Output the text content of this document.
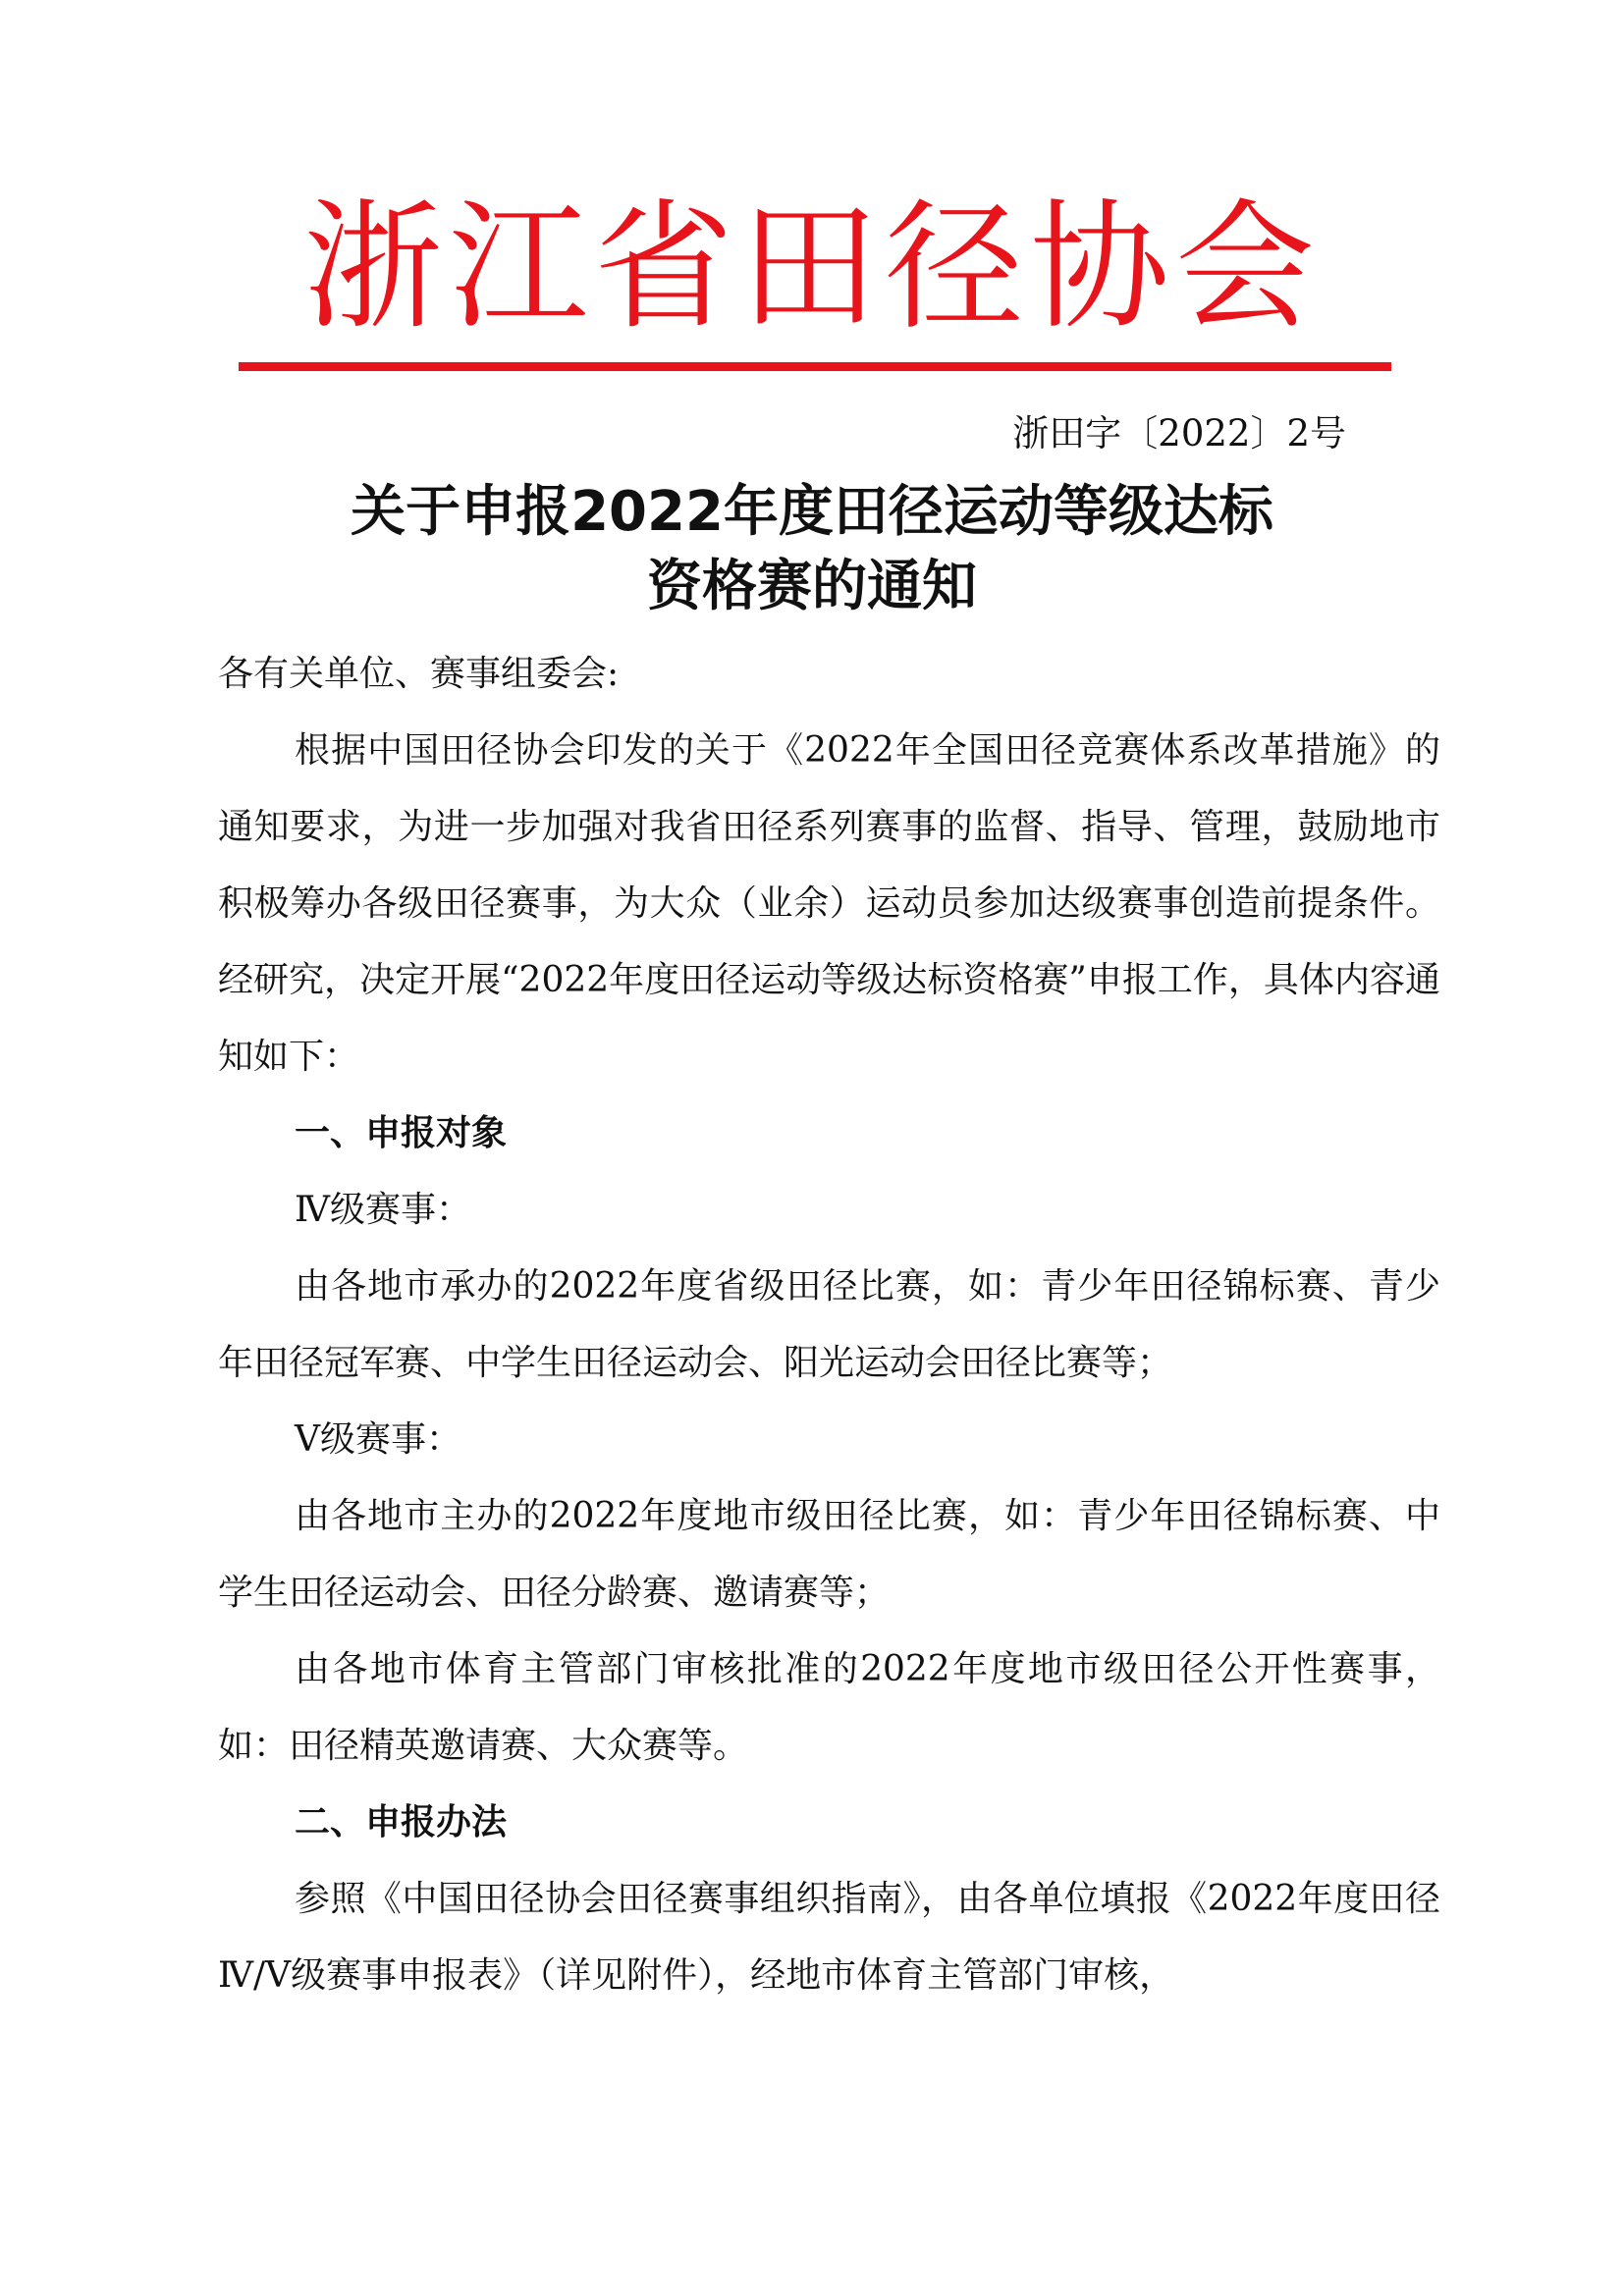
浙江省田径协会
浙田字〔2022〕2号
关于申报2022年度田径运动等级达标
资格赛的通知

各有关单位、赛事组委会:

根据中国田径协会印发的关于《2022年全国田径竞赛体系改革措施》的通知要求，为进一步加强对我省田径系列赛事的监督、指导、管理，鼓励地市积极筹办各级田径赛事，为大众（业余）运动员参加达级赛事创造前提条件。经研究，决定开展“2022年度田径运动等级达标资格赛”申报工作，具体内容通知如下：

一、申报对象

Ⅳ级赛事：

由各地市承办的2022年度省级田径比赛，如：青少年田径锦标赛、青少年田径冠军赛、中学生田径运动会、阳光运动会田径比赛等；

Ⅴ级赛事：

由各地市主办的2022年度地市级田径比赛，如：青少年田径锦标赛、中学生田径运动会、田径分龄赛、邀请赛等；

由各地市体育主管部门审核批准的2022年度地市级田径公开性赛事，如：田径精英邀请赛、大众赛等。

二、申报办法

参照《中国田径协会田径赛事组织指南》，由各单位填报《2022年度田径Ⅳ/Ⅴ级赛事申报表》（详见附件），经地市体育主管部门审核，
